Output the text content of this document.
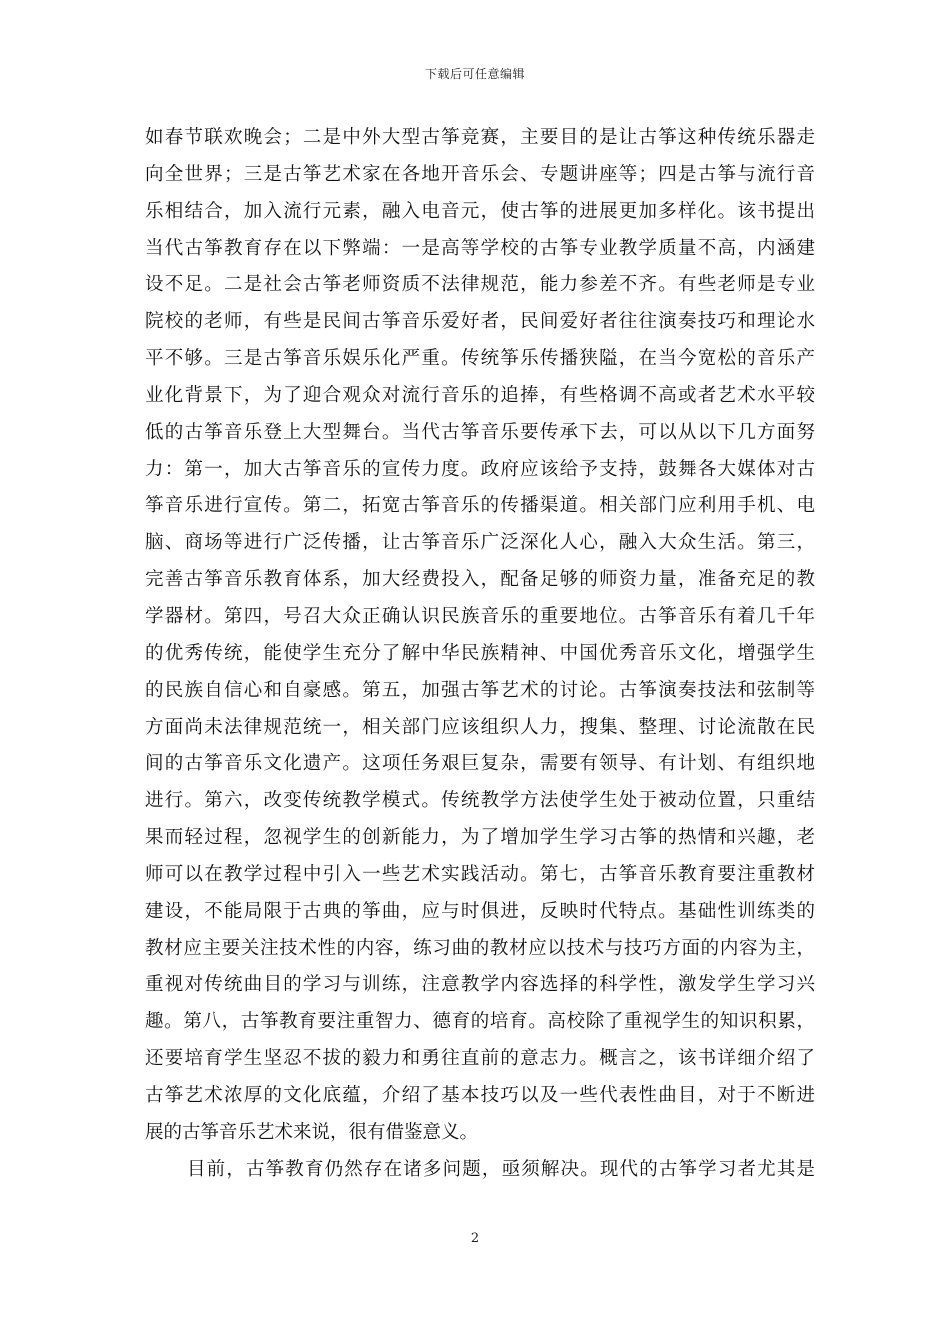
下载后可任意编辑
如春节联欢晚会；二是中外大型古筝竞赛，主要目的是让古筝这种传统乐器走
向全世界；三是古筝艺术家在各地开音乐会、专题讲座等；四是古筝与流行音
乐相结合，加入流行元素，融入电音元，使古筝的进展更加多样化。该书提出
当代古筝教育存在以下弊端：一是高等学校的古筝专业教学质量不高，内涵建
设不足。二是社会古筝老师资质不法律规范，能力参差不齐。有些老师是专业
院校的老师，有些是民间古筝音乐爱好者，民间爱好者往往演奏技巧和理论水
平不够。三是古筝音乐娱乐化严重。传统筝乐传播狭隘，在当今宽松的音乐产
业化背景下，为了迎合观众对流行音乐的追捧，有些格调不高或者艺术水平较
低的古筝音乐登上大型舞台。当代古筝音乐要传承下去，可以从以下几方面努
力：第一，加大古筝音乐的宣传力度。政府应该给予支持，鼓舞各大媒体对古
筝音乐进行宣传。第二，拓宽古筝音乐的传播渠道。相关部门应利用手机、电
脑、商场等进行广泛传播，让古筝音乐广泛深化人心，融入大众生活。第三，
完善古筝音乐教育体系，加大经费投入，配备足够的师资力量，准备充足的教
学器材。第四，号召大众正确认识民族音乐的重要地位。古筝音乐有着几千年
的优秀传统，能使学生充分了解中华民族精神、中国优秀音乐文化，增强学生
的民族自信心和自豪感。第五，加强古筝艺术的讨论。古筝演奏技法和弦制等
方面尚未法律规范统一，相关部门应该组织人力，搜集、整理、讨论流散在民
间的古筝音乐文化遗产。这项任务艰巨复杂，需要有领导、有计划、有组织地
进行。第六，改变传统教学模式。传统教学方法使学生处于被动位置，只重结
果而轻过程，忽视学生的创新能力，为了增加学生学习古筝的热情和兴趣，老
师可以在教学过程中引入一些艺术实践活动。第七，古筝音乐教育要注重教材
建设，不能局限于古典的筝曲，应与时俱进，反映时代特点。基础性训练类的
教材应主要关注技术性的内容，练习曲的教材应以技术与技巧方面的内容为主，
重视对传统曲目的学习与训练，注意教学内容选择的科学性，激发学生学习兴
趣。第八，古筝教育要注重智力、德育的培育。高校除了重视学生的知识积累，
还要培育学生坚忍不拔的毅力和勇往直前的意志力。概言之，该书详细介绍了
古筝艺术浓厚的文化底蕴，介绍了基本技巧以及一些代表性曲目，对于不断进
展的古筝音乐艺术来说，很有借鉴意义。
目前，古筝教育仍然存在诸多问题，亟须解决。现代的古筝学习者尤其是
2
